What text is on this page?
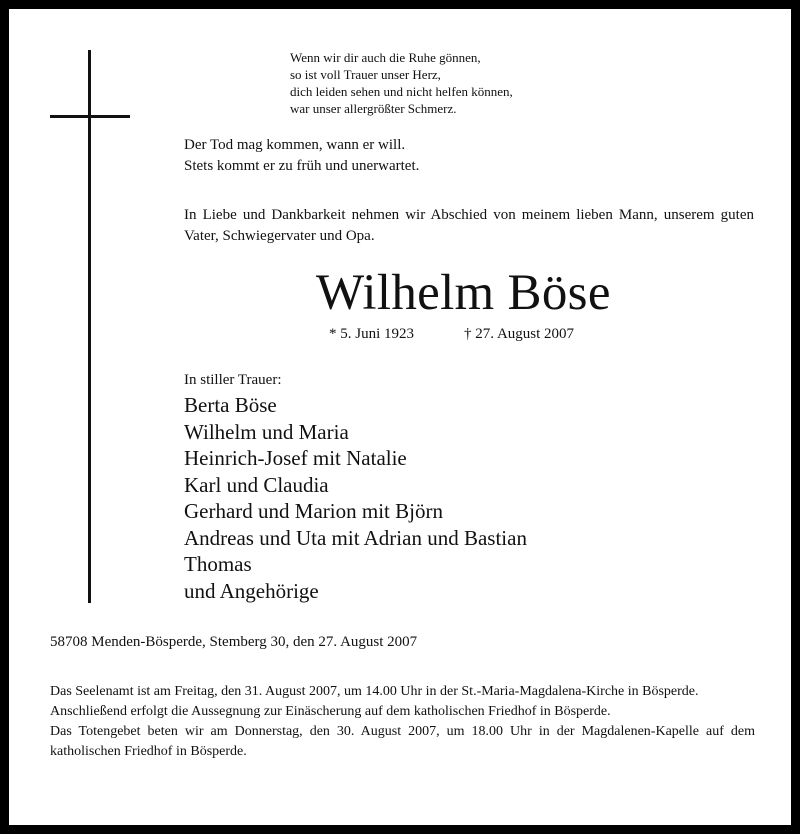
Wenn wir dir auch die Ruhe gönnen,
so ist voll Trauer unser Herz,
dich leiden sehen und nicht helfen können,
war unser allergrößter Schmerz.
Der Tod mag kommen, wann er will.
Stets kommt er zu früh und unerwartet.
In Liebe und Dankbarkeit nehmen wir Abschied von meinem lieben Mann, unserem guten Vater, Schwiegervater und Opa.
Wilhelm Böse
* 5. Juni 1923	† 27. August 2007
In stiller Trauer:
Berta Böse
Wilhelm und Maria
Heinrich-Josef mit Natalie
Karl und Claudia
Gerhard und Marion mit Björn
Andreas und Uta mit Adrian und Bastian
Thomas
und Angehörige
58708 Menden-Bösperde, Stemberg 30, den 27. August 2007
Das Seelenamt ist am Freitag, den 31. August 2007, um 14.00 Uhr in der St.-Maria-Magdalena-Kirche in Bösperde.
Anschließend erfolgt die Aussegnung zur Einäscherung auf dem katholischen Friedhof in Bösperde.
Das Totengebet beten wir am Donnerstag, den 30. August 2007, um 18.00 Uhr in der Magdalenen-Kapelle auf dem katholischen Friedhof in Bösperde.
